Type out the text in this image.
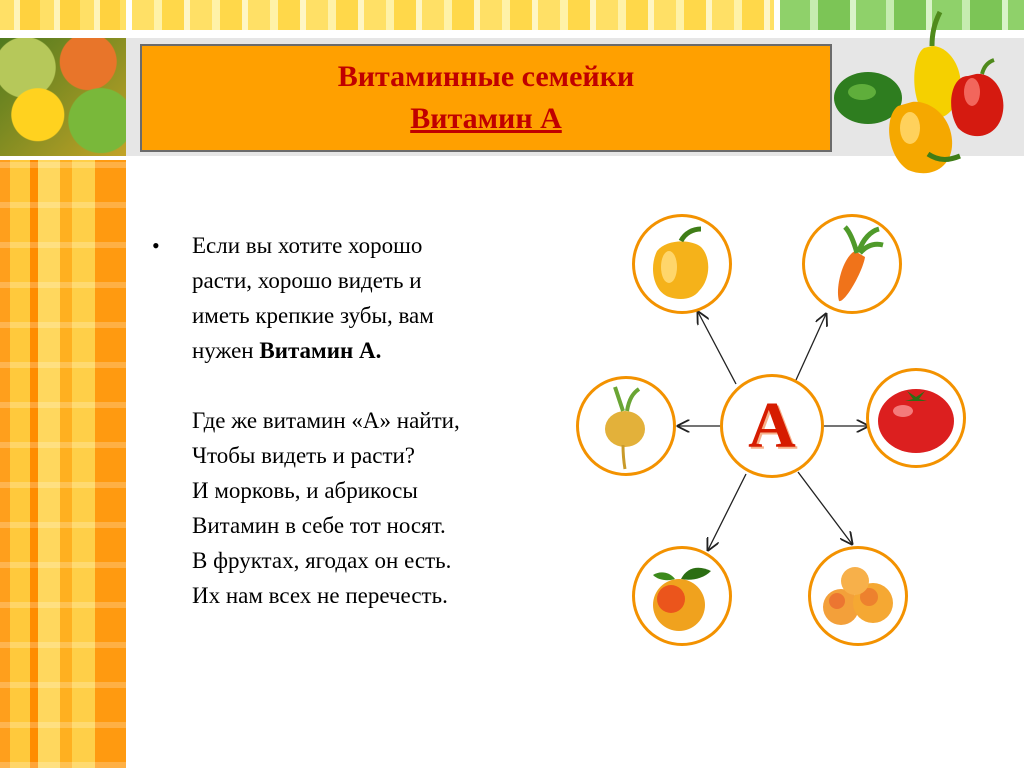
Витаминные семейки
Витамин А
• Если вы хотите хорошо

расти, хорошо видеть и

иметь крепкие зубы, вам

нужен Витамин А.

Где же витамин «А» найти,

Чтобы видеть и расти?

И морковь, и абрикосы

Витамин в себе тот носят.

В фруктах, ягодах он есть.

Их нам всех не перечесть.

А
